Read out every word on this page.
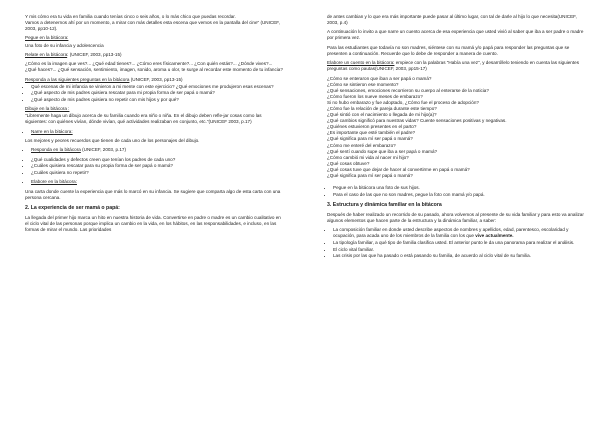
Y mis cómo era tu vida en familia cuando tenías cinco o seis años, o lo más chico que puedas recordar.
Vamos a detenernos ahí por un momento, a mirar con más detalles esta escena que vemos en la pantalla del cine" (UNICEF, 2003, pp10-12).

Pegue en la bitácora:

Una foto de su infancia y adolescencia

Relate en la bitácora: (UNICEF, 2003, pp13-15)

¿Cómo es la imagen que ves?... ¿Qué edad tienes?... ¿Cómo eres físicamente?... ¿Con quién estás?... ¿Dónde vives?... ¿Qué haces?... ¿Qué sensación, sentimiento, imagen, sonido, aroma u olor, te surge al recordar este momento de tu infancia?

Responda a las siguientes preguntas en la bitácora (UNICEF, 2003, pp13-15)

• Qué escenas de mi infancia se vinieron a mi mente con este ejercicio? ¿Qué emociones me produjeron esas escenas?
• ¿Qué aspecto de mis padres quisiera rescatar para mi propia forma de ser papá o mamá?
• ¿Qué aspecto de mis padres quisiera no repetir con mis hijos y por qué?

Dibuje en la bitácora :

"Libremente haga un dibujo acerca de su familia cuando era niño o niña. En el dibujo deben refle-jar cosas como las siguientes: con quiénes vivían, dónde vivían, qué actividades realizaban en conjunto, etc."(UNICEF 2003, p.17)

• Narre en la bitácora:

Los mejores y peores recuerdos que tienen de cada uno de los personajes del dibujo.

• Responda en la bitácora (UNICEF, 2003, p.17)
• ¿Qué cualidades y defectos creen que tenían los padres de cada uno?
• ¿Cuáles quisiera rescatar para su propia forma de ser papá o mamá?
• ¿Cuáles quisiera no repetir?
• Elabore en la bitácora:

Una carta donde cuente la experiencia que más lo marcó en su infancia. Se sugiere que comparta algo de esta carta con una persona cercana.

2. La experiencia de ser mamá o papá:

La llegada del primer hijo marca un hito en nuestra historia de vida. Convertirse en padre o madre es un cambio cualitativo en el ciclo vital de las personas porque implica un cambio en la vida, en los hábitos, en las responsabilidades, e incluso, en las formas de mirar el mundo. Las prioridades

de antes cambian y lo que era más importante puede pasar al último lugar, con tal de darle al hijo lo que necesita(UNICEF, 2003, p.4)

A continuación lo invito a que narre un cuento acerca de esa experiencia que usted vivió al saber que iba a ser padre o madre por primera vez.

Para las estudiantes que todavía no son madres, siéntese con su mamá y/o papá para responder las preguntas que se presenten a continuación. Recuerde que lo debe de responder a manera de cuento.

Elabore un cuento en la bitácora: empiece con la palabras "Había una vez", y desarróllelo teniendo en cuenta las siguientes preguntas como pautas(UNICEF, 2003, pp15-17)

¿Cómo se enteraron que iban a ser papá o mamá?
¿Cómo se sintieron ese momento?
¿Qué sensaciones, emociones recorrieron su cuerpo al enterarse de la noticia?
¿Cómo fueron los nueve meses de embarazo?
Si no hubo embarazo y fue adoptado, ¿Cómo fue el proceso de adopción?
¿Cómo fue la relación de pareja durante este tiempo?
¿Qué sintió con el nacimiento o llegada de mi hijo(a)?
¿Qué cambios significó para nuestras vidas? Cuente sensaciones positivas y negativas.
¿Quiénes estuvieron presentes en el parto?
¿Es importante que esté también el padre?
¿Qué significa para mí ser papá o mamá?
¿Cómo me enteré del embarazo?
¿Qué sentí cuando supe que iba a ser papá o mamá?
¿Cómo cambió mi vida al nacer mi hijo?
¿Qué cosas obtuve?
¿Qué cosas tuve que dejar de hacer al convertirme en papá o mamá?
¿Qué significa para mí ser papá o mamá?
• Pegue en la bitácora una foto de sus hijos.
• Para el caso de las que no son madres, pegue la foto con mamá y/o papá.
3. Estructura y dinámica familiar en la bitácora

Después de haber realizado un recorrido de su pasado, ahora volvemos al presente de su vida familiar y para esto va analizar algunos elementos que hacen parte de la estructura y la dinámica familiar, a saber:

• La composición familiar en donde usted describe aspectos de nombres y apellidos, edad, parentesco, escolaridad y ocupación, para acada uno de los miembros de la familia con los que vive actualmente.
• La tipología familiar, a qué tipo de familia clasifica usted. El anterior punto le da una panorama para realizar el análisis.
• El ciclo vital familiar.
• Las crisis por las que ha pasado o está pasando su familia, de acuerdo al ciclo vital de su familia.
